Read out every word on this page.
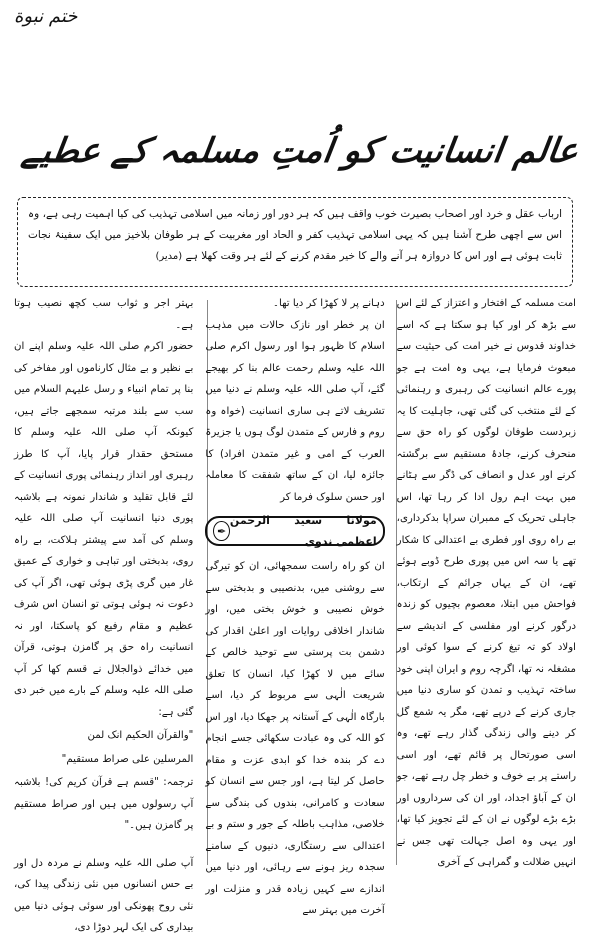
ختم نبوة
عالم انسانیت کو اُمتِ مسلمہ کے عطیے
ارباب عقل و خرد اور اصحاب بصیرت خوب واقف ہیں کہ ہر دور اور زمانہ میں اسلامی تہذیب کی کیا اہمیت رہی ہے، وہ اس سے اچھی طرح آشنا ہیں کہ یہی اسلامی تہذیب کفر و الحاد اور مغربیت کے ہر طوفان بلاخیز میں ایک سفینۂ نجات ثابت ہوئی ہے اور اس کا دروازہ ہر آنے والے کا خیر مقدم کرنے کے لئے ہر وقت کھلا ہے (مدیر)

امت مسلمہ کے افتخار و اعتزاز کے لئے اس سے بڑھ کر اور کیا ہو سکتا ہے کہ اسے خداوند قدوس نے خیر امت کی حیثیت سے مبعوث فرمایا ہے، یہی وہ امت ہے جو پورے عالم انسانیت کی رہبری و رہنمائی کے لئے منتخب کی گئی تھی، جاہلیت کا یہ زبردست طوفان لوگوں کو راہ حق سے منحرف کرنے، جادۂ مستقیم سے برگشتہ کرنے اور عدل و انصاف کی ڈگر سے ہٹانے میں بہت اہم رول ادا کر رہا تھا، اس جاہلی تحریک کے ممبران سراپا بدکرداری، بے راہ روی اور فطری بے اعتدالی کا شکار تھے یا سہ اس میں پوری طرح ڈوبے ہوئے تھے، ان کے یہاں جرائم کے ارتکاب، فواحش میں ابتلا، معصوم بچیوں کو زندہ درگور کرنے اور مفلسی کے اندیشے سے اولاد کو تہ تیغ کرنے کے سوا کوئی اور مشغلہ نہ تھا، اگرچہ روم و ایران اپنی خود ساختہ تہذیب و تمدن کو ساری دنیا میں جاری کرنے کے درپے تھے، مگر یہ شمع گل کر دینے والی زندگی گذار رہے تھے، وہ اسی صورتحال پر قائم تھے، اور اسی راستے پر بے خوف و خطر چل رہے تھے، جو ان کے آباؤ اجداد، اور ان کی سرداروں اور بڑے بڑے لوگوں نے ان کے لئے تجویز کیا تھا، اور یہی وہ اصل جہالت تھی جس نے انہیں ضلالت و گمراہی کے آخری

دہانے پر لا کھڑا کر دیا تھا۔

ان پر خطر اور نازک حالات میں مذہب اسلام کا ظہور ہوا اور رسول اکرم صلی اللہ علیہ وسلم رحمت عالم بنا کر بھیجے گئے، آپ صلی اللہ علیہ وسلم نے دنیا میں تشریف لاتے ہی ساری انسانیت (خواہ وہ روم و فارس کے متمدن لوگ ہوں یا جزیرۃ العرب کے امی و غیر متمدن افراد) کا جائزہ لیا، ان کے ساتھ شفقت کا معاملہ اور حسن سلوک فرما کر

مولانا سعید الرحمن اعظمی ندوی
✒

ان کو راہ راست سمجھائی، ان کو تیرگی سے روشنی میں، بدنصیبی و بدبختی سے خوش نصیبی و خوش بختی میں، اور شاندار اخلاقی روایات اور اعلیٰ اقدار کی دشمن بت پرستی سے توحید خالص کے سائے میں لا کھڑا کیا، انسان کا تعلق شریعت الٰہی سے مربوط کر دیا، اسے بارگاہ الٰہی کے آستانہ پر جھکا دیا، اور اس کو اللہ کی وہ عبادت سکھائی جسے انجام دے کر بندہ خدا کو ابدی عزت و مقام حاصل کر لیتا ہے، اور جس سے انسان کو سعادت و کامرانی، بندوں کی بندگی سے خلاصی، مذاہب باطلہ کے جور و ستم و بے اعتدالی سے رستگاری، دنیوں کے سامنے سجدہ ریز ہونے سے رہائی، اور دنیا میں اندازے سے کہیں زیادہ قدر و منزلت اور آخرت میں بہتر سے

بہتر اجر و ثواب سب کچھ نصیب ہوتا ہے۔

حضور اکرم صلی اللہ علیہ وسلم اپنے ان بے نظیر و بے مثال کارناموں اور مفاخر کی بنا پر تمام انبیاء و رسل علیہم السلام میں سب سے بلند مرتبہ سمجھے جاتے ہیں، کیونکہ آپ صلی اللہ علیہ وسلم کا مستحق حقدار قرار پایا، آپ کا طرز رہبری اور انداز رہنمائی پوری انسانیت کے لئے قابل تقلید و شاندار نمونہ ہے بلاشبہ پوری دنیا انسانیت آپ صلی اللہ علیہ وسلم کی آمد سے پیشتر ہلاکت، بے راہ روی، بدبختی اور تباہی و خواری کے عمیق غار میں گری پڑی ہوئی تھی، اگر آپ کی دعوت نہ ہوئی ہوتی تو انسان اس شرف عظیم و مقام رفیع کو پاسکتا، اور نہ انسانیت راہ حق پر گامزن ہوتی، قرآن میں خدائے ذوالجلال نے قسم کھا کر آپ صلی اللہ علیہ وسلم کے بارے میں خبر دی گئی ہے:

"والقرآن الحکیم انک لمن

المرسلین علی صراط مستقیم"

ترجمہ: "قسم ہے قرآن کریم کی! بلاشبہ آپ رسولوں میں ہیں اور صراط مستقیم پر گامزن ہیں۔"

آپ صلی اللہ علیہ وسلم نے مردہ دل اور بے حس انسانوں میں نئی زندگی پیدا کی، نئی روح پھونکی اور سوئی ہوئی دنیا میں بیداری کی ایک لہر دوڑا دی،
